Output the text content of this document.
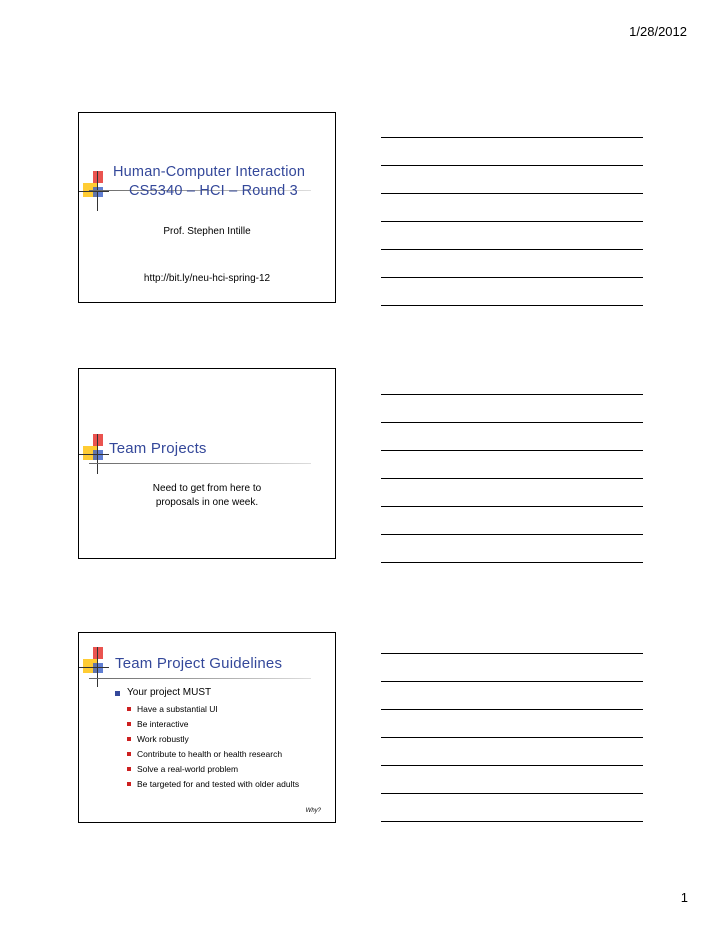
1/28/2012
Human-Computer Interaction
CS5340 – HCI – Round 3
Prof. Stephen Intille
http://bit.ly/neu-hci-spring-12
Team Projects
Need to get from here to
proposals in one week.
Team Project Guidelines
Your project MUST
Have a substantial UI
Be interactive
Work robustly
Contribute to health or health research
Solve a real-world problem
Be targeted for and tested with older adults
Why?
1
